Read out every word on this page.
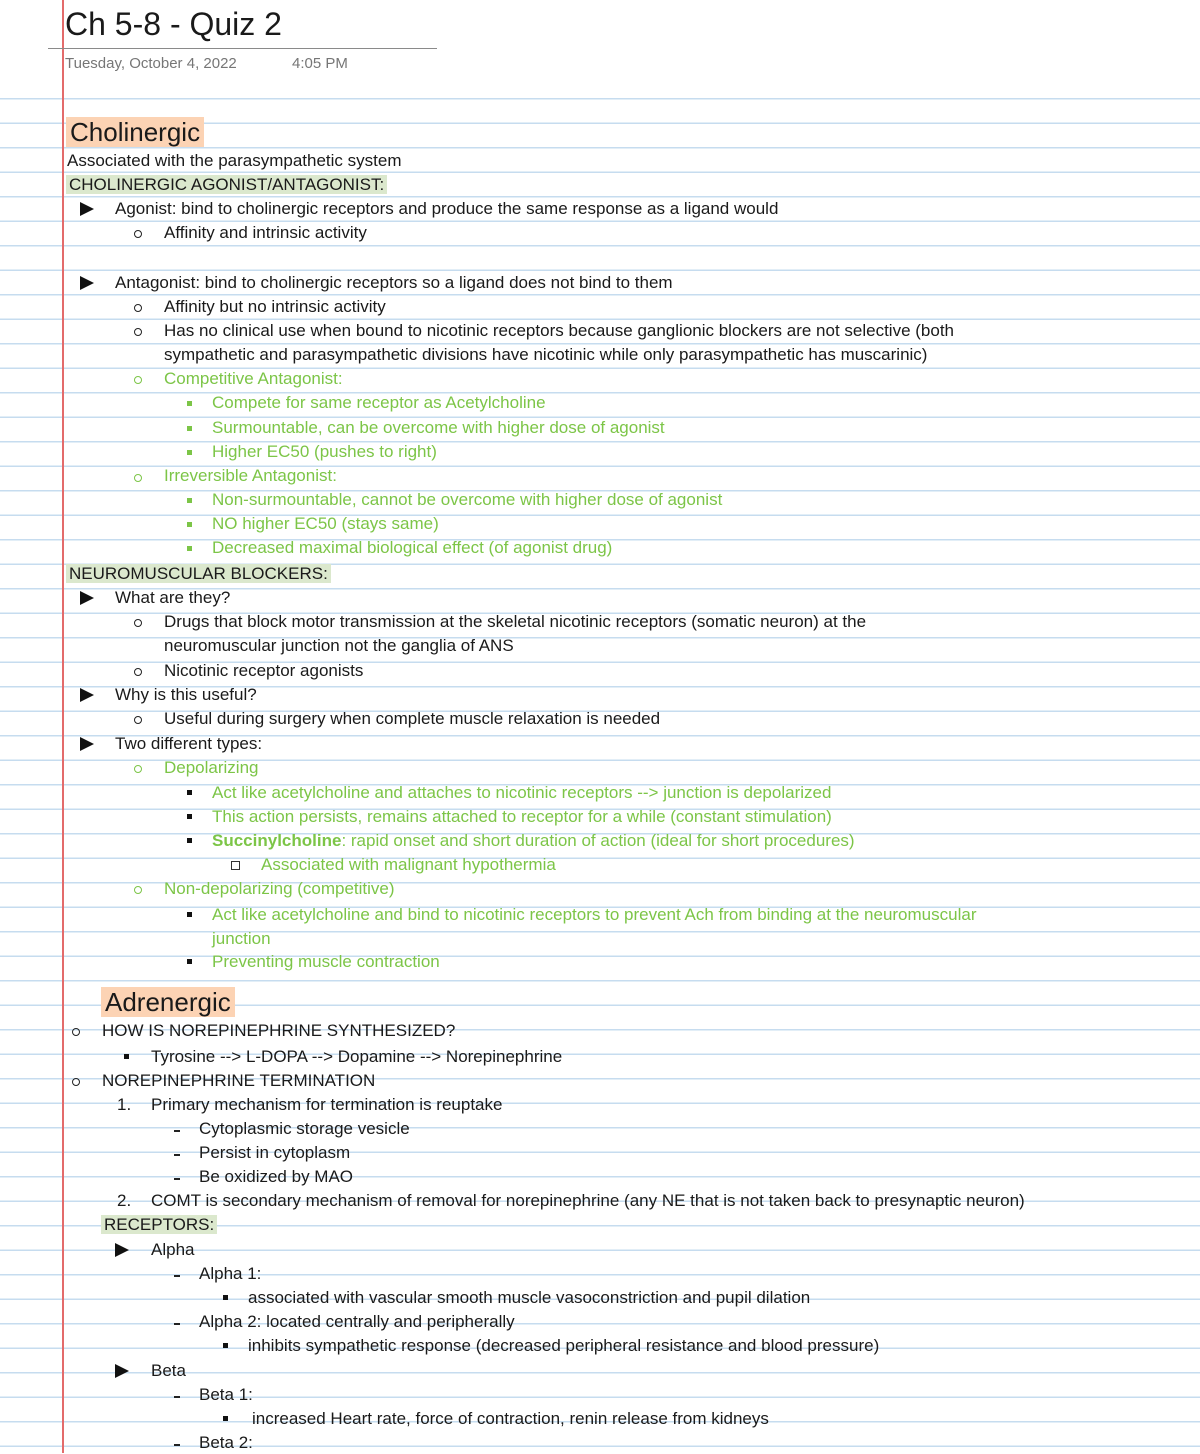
Ch 5-8 - Quiz 2
Tuesday, October 4, 2022	4:05 PM
Cholinergic
Associated with the parasympathetic system
CHOLINERGIC AGONIST/ANTAGONIST:
Agonist: bind to cholinergic receptors and produce the same response as a ligand would
Affinity and intrinsic activity
Antagonist: bind to cholinergic receptors so a ligand does not bind to them
Affinity but no intrinsic activity
Has no clinical use when bound to nicotinic receptors because ganglionic blockers are not selective (both
sympathetic and parasympathetic divisions have nicotinic while only parasympathetic has muscarinic)
Competitive Antagonist:
Compete for same receptor as Acetylcholine
Surmountable, can be overcome with higher dose of agonist
Higher EC50 (pushes to right)
Irreversible Antagonist:
Non-surmountable, cannot be overcome with higher dose of agonist
NO higher EC50 (stays same)
Decreased maximal biological effect (of agonist drug)
NEUROMUSCULAR BLOCKERS:
What are they?
Drugs that block motor transmission at the skeletal nicotinic receptors (somatic neuron) at the
neuromuscular junction not the ganglia of ANS
Nicotinic receptor agonists
Why is this useful?
Useful during surgery when complete muscle relaxation is needed
Two different types:
Depolarizing
Act like acetylcholine and attaches to nicotinic receptors --> junction is depolarized
This action persists, remains attached to receptor for a while (constant stimulation)
Succinylcholine: rapid onset and short duration of action (ideal for short procedures)
Associated with malignant hypothermia
Non-depolarizing (competitive)
Act like acetylcholine and bind to nicotinic receptors to prevent Ach from binding at the neuromuscular
junction
Preventing muscle contraction
Adrenergic
HOW IS NOREPINEPHRINE SYNTHESIZED?
Tyrosine --> L-DOPA --> Dopamine --> Norepinephrine
NOREPINEPHRINE TERMINATION
1. Primary mechanism for termination is reuptake
Cytoplasmic storage vesicle
Persist in cytoplasm
Be oxidized by MAO
2. COMT is secondary mechanism of removal for norepinephrine (any NE that is not taken back to presynaptic neuron)
RECEPTORS:
Alpha
Alpha 1:
associated with vascular smooth muscle vasoconstriction and pupil dilation
Alpha 2: located centrally and peripherally
inhibits sympathetic response (decreased peripheral resistance and blood pressure)
Beta
Beta 1:
increased Heart rate, force of contraction, renin release from kidneys
Beta 2:
